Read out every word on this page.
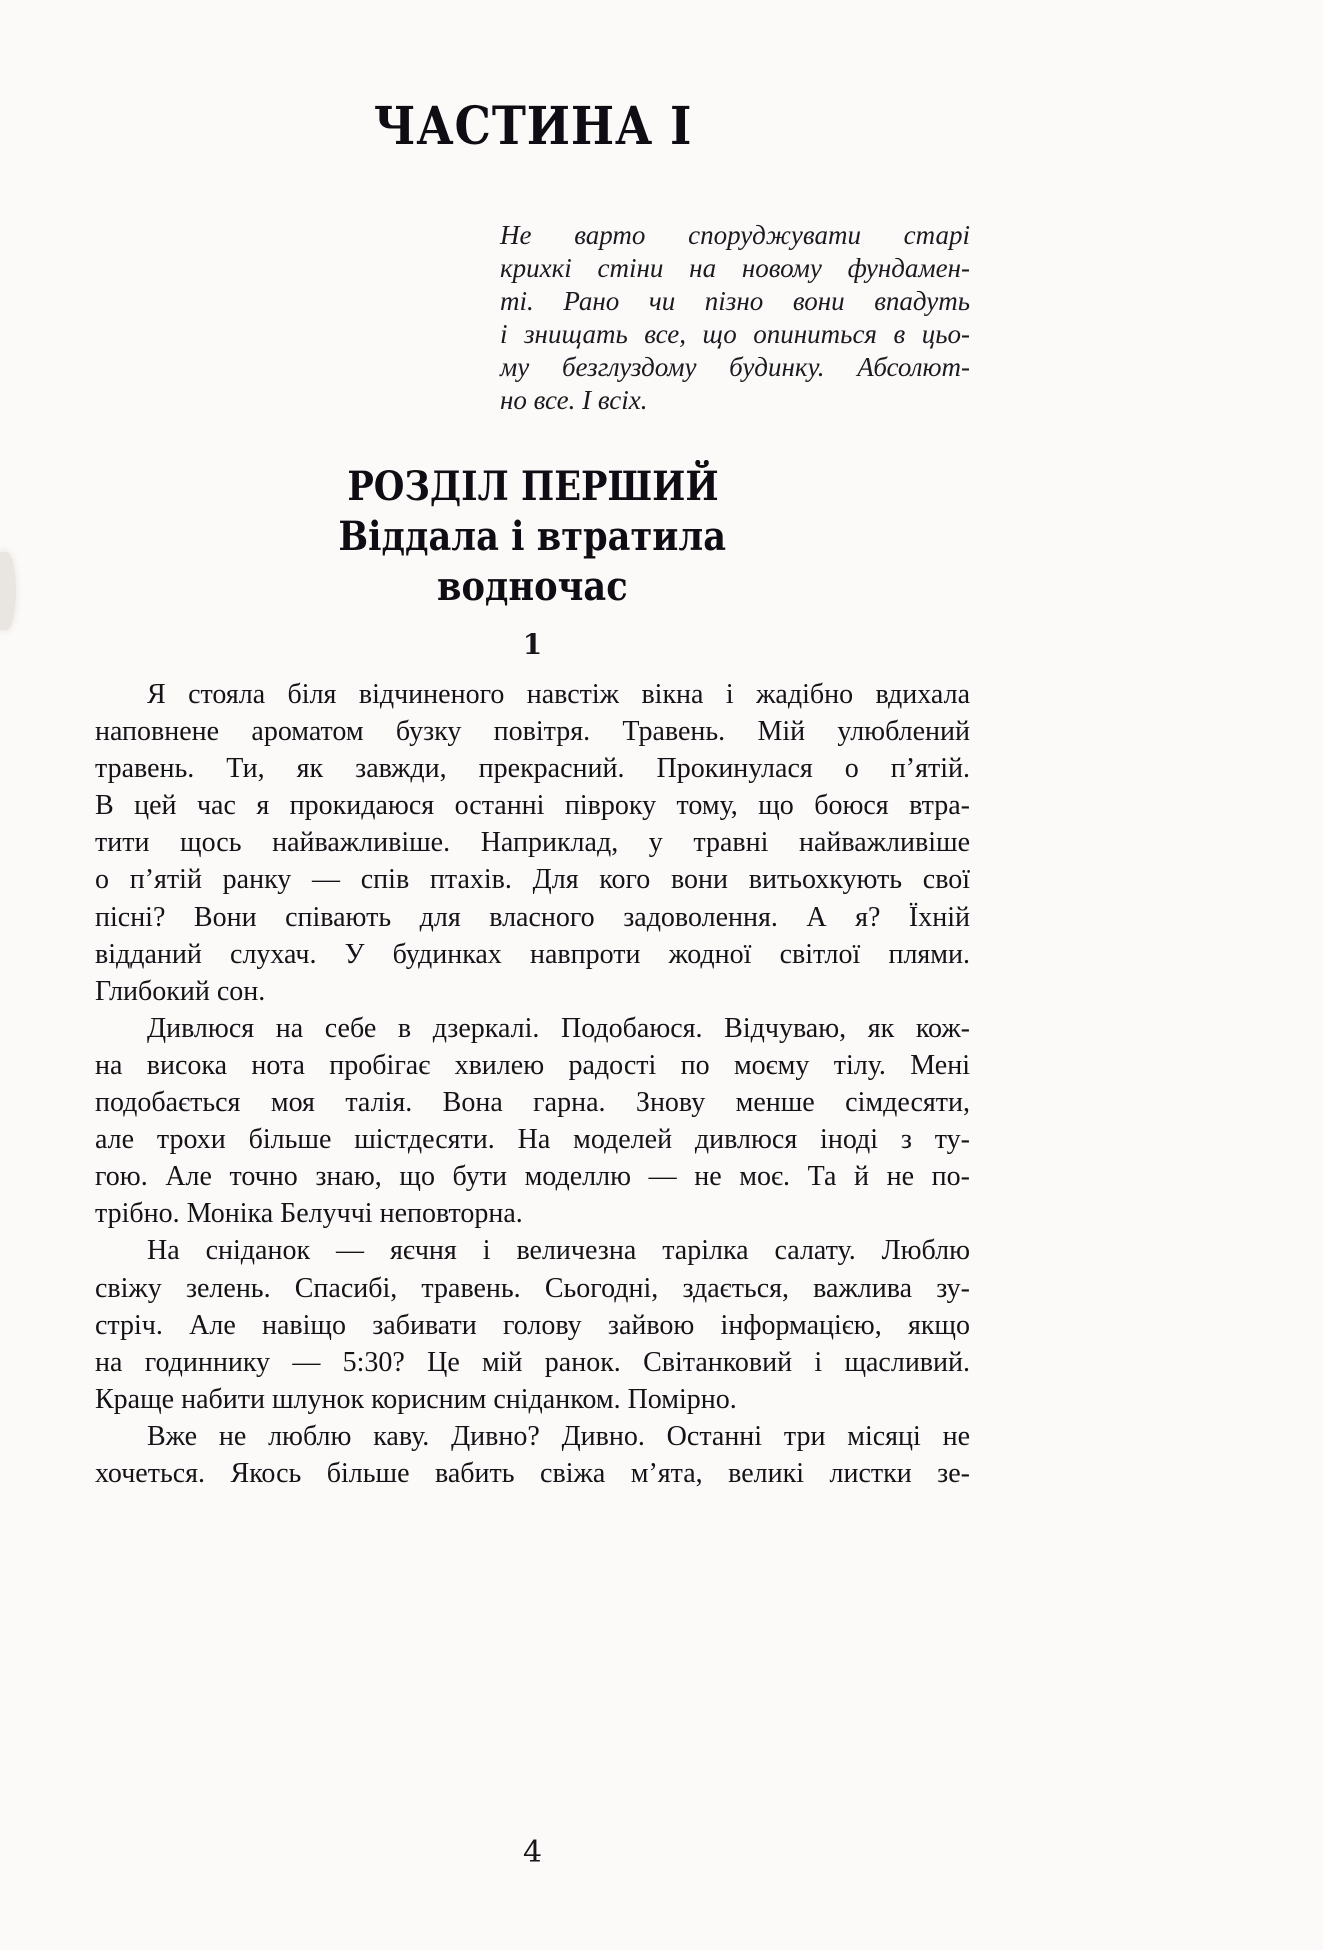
ЧАСТИНА I
Не варто споруджувати старі
крихкі стіни на новому фундамен-
ті. Рано чи пізно вони впадуть
і знищать все, що опиниться в цьо-
му безглуздому будинку. Абсолют-
но все. І всіх.
РОЗДІЛ ПЕРШИЙ
Віддала і втратила
водночас
1
Я стояла біля відчиненого навстіж вікна і жадібно вдихала
наповнене ароматом бузку повітря. Травень. Мій улюблений
травень. Ти, як завжди, прекрасний. Прокинулася о п’ятій.
В цей час я прокидаюся останні півроку тому, що боюся втра-
тити щось найважливіше. Наприклад, у травні найважливіше
о п’ятій ранку — спів птахів. Для кого вони витьохкують свої
пісні? Вони співають для власного задоволення. А я? Їхній
відданий слухач. У будинках навпроти жодної світлої плями.
Глибокий сон.
Дивлюся на себе в дзеркалі. Подобаюся. Відчуваю, як кож-
на висока нота пробігає хвилею радості по моєму тілу. Мені
подобається моя талія. Вона гарна. Знову менше сімдесяти,
але трохи більше шістдесяти. На моделей дивлюся іноді з ту-
гою. Але точно знаю, що бути моделлю — не моє. Та й не по-
трібно. Моніка Белуччі неповторна.
На сніданок — яєчня і величезна тарілка салату. Люблю
свіжу зелень. Спасибі, травень. Сьогодні, здається, важлива зу-
стріч. Але навіщо забивати голову зайвою інформацією, якщо
на годиннику — 5:30? Це мій ранок. Світанковий і щасливий.
Краще набити шлунок корисним сніданком. Помірно.
Вже не люблю каву. Дивно? Дивно. Останні три місяці не
хочеться. Якось більше вабить свіжа м’ята, великі листки зе-
4
